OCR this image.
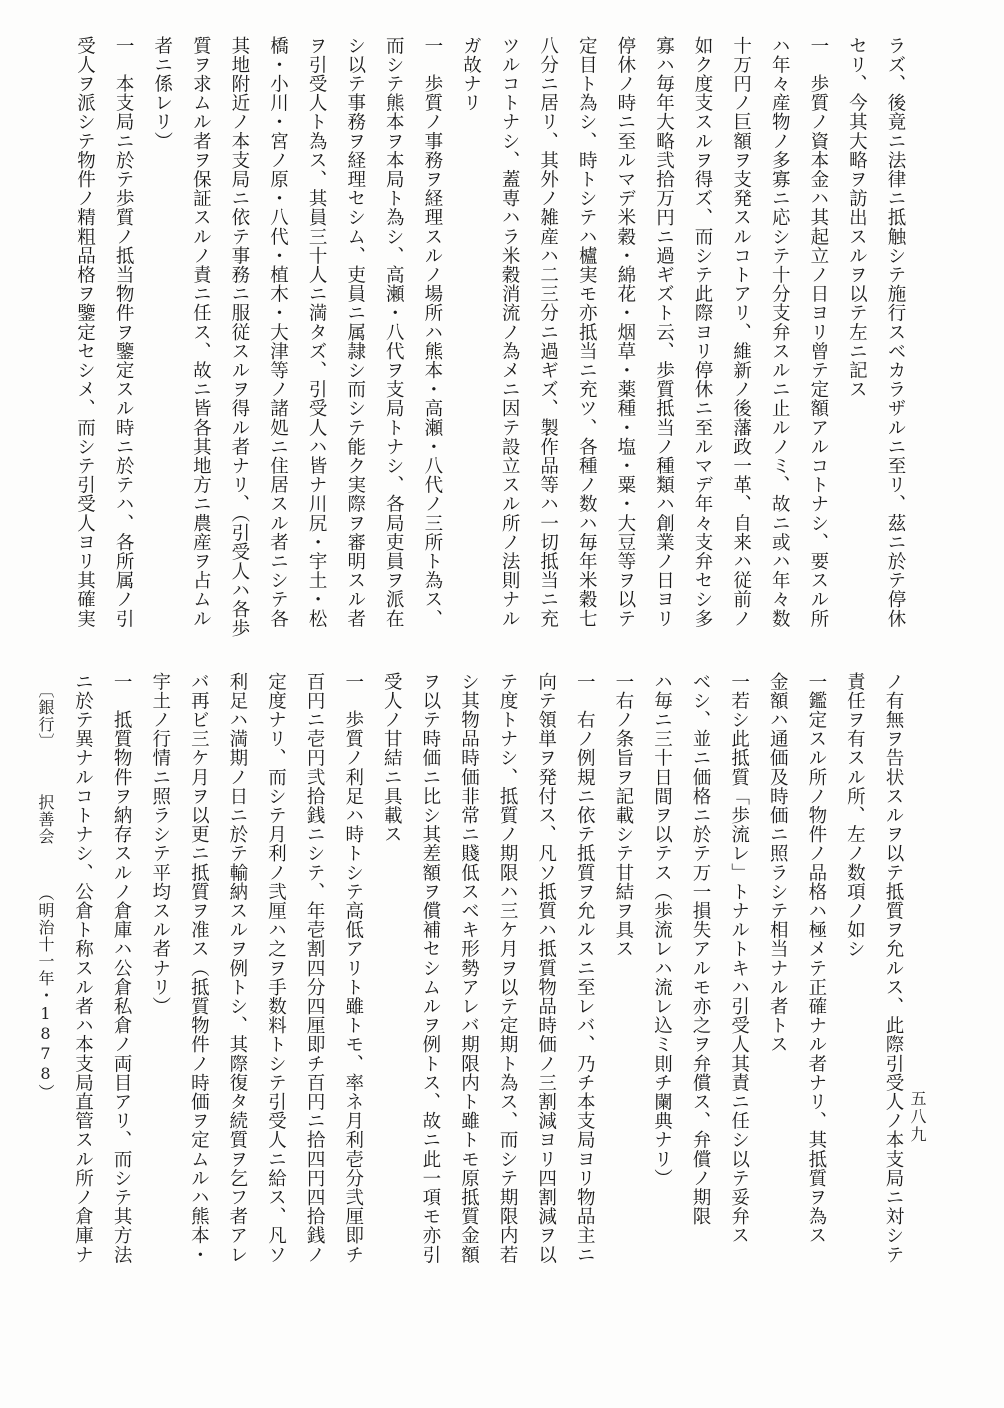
ラズ、後竟ニ法律ニ抵触シテ施行スベカラザルニ至リ、茲ニ於テ停休
セリ、今其大略ヲ訪出スルヲ以テ左ニ記ス
一　歩質ノ資本金ハ其起立ノ日ヨリ曾テ定額アルコトナシ、要スル所
ハ年々産物ノ多寡ニ応シテ十分支弁スルニ止ルノミ、故ニ或ハ年々数
十万円ノ巨額ヲ支発スルコトアリ、維新ノ後藩政一革、自来ハ従前ノ
如ク度支スルヲ得ズ、而シテ此際ヨリ停休ニ至ルマデ年々支弁セシ多
寡ハ毎年大略弐拾万円ニ過ギズト云、歩質抵当ノ種類ハ創業ノ日ヨリ
停休ノ時ニ至ルマデ米穀・綿花・烟草・薬種・塩・粟・大豆等ヲ以テ
定目ト為シ、時トシテハ櫨実モ亦抵当ニ充ツ、各種ノ数ハ毎年米穀七
八分ニ居リ、其外ノ雑産ハ二三分ニ過ギズ、製作品等ハ一切抵当ニ充
ツルコトナシ、蓋専ハラ米穀消流ノ為メニ因テ設立スル所ノ法則ナル
ガ故ナリ
一　歩質ノ事務ヲ経理スルノ場所ハ熊本・高瀬・八代ノ三所ト為ス、
而シテ熊本ヲ本局ト為シ、高瀬・八代ヲ支局トナシ、各局吏員ヲ派在
シ以テ事務ヲ経理セシム、吏員ニ属隷シ而シテ能ク実際ヲ審明スル者
ヲ引受人ト為ス、其員三十人ニ満タズ、引受人ハ皆ナ川尻・宇土・松
橋・小川・宮ノ原・八代・植木・大津等ノ諸処ニ住居スル者ニシテ各
其地附近ノ本支局ニ依テ事務ニ服従スルヲ得ル者ナリ、（引受人ハ各歩
質ヲ求ムル者ヲ保証スルノ責ニ任ス、故ニ皆各其地方ニ農産ヲ占ムル
者ニ係レリ）
一　本支局ニ於テ歩質ノ抵当物件ヲ鑒定スル時ニ於テハ、各所属ノ引
受人ヲ派シテ物件ノ精粗品格ヲ鑒定セシメ、而シテ引受人ヨリ其確実
ノ有無ヲ告状スルヲ以テ抵質ヲ允ルス、此際引受人ノ本支局ニ対シテ
責任ヲ有スル所、左ノ数項ノ如シ
一鑑定スル所ノ物件ノ品格ハ極メテ正確ナル者ナリ、其抵質ヲ為ス
金額ハ通価及時価ニ照ラシテ相当ナル者トス
一若シ此抵質「歩流レ」トナルトキハ引受人其責ニ任シ以テ妥弁ス
ベシ、並ニ価格ニ於テ万一損失アルモ亦之ヲ弁償ス、弁償ノ期限
ハ毎ニ三十日間ヲ以テス（歩流レハ流レ込ミ則チ闌典ナリ）
一右ノ条旨ヲ記載シテ甘結ヲ具ス
一　右ノ例規ニ依テ抵質ヲ允ルスニ至レバ、乃チ本支局ヨリ物品主ニ
向テ領単ヲ発付ス、凡ソ抵質ハ抵質物品時価ノ三割減ヨリ四割減ヲ以
テ度トナシ、抵質ノ期限ハ三ケ月ヲ以テ定期ト為ス、而シテ期限内若
シ其物品時価非常ニ賤低スベキ形勢アレバ期限内ト雖トモ原抵質金額
ヲ以テ時価ニ比シ其差額ヲ償補セシムルヲ例トス、故ニ此一項モ亦引
受人ノ甘結ニ具載ス
一　歩質ノ利足ハ時トシテ高低アリト雖トモ、率ネ月利壱分弐厘即チ
百円ニ壱円弐拾銭ニシテ、年壱割四分四厘即チ百円ニ拾四円四拾銭ノ
定度ナリ、而シテ月利ノ弐厘ハ之ヲ手数料トシテ引受人ニ給ス、凡ソ
利足ハ満期ノ日ニ於テ輸納スルヲ例トシ、其際復タ続質ヲ乞フ者アレ
バ再ビ三ケ月ヲ以更ニ抵質ヲ准ス（抵質物件ノ時価ヲ定ムルハ熊本・
宇土ノ行情ニ照ラシテ平均スル者ナリ）
一　抵質物件ヲ納存スルノ倉庫ハ公倉私倉ノ両目アリ、而シテ其方法
ニ於テ異ナルコトナシ、公倉ト称スル者ハ本支局直管スル所ノ倉庫ナ
〔銀行〕 択善会 （明治十一年・1878）
五八九
